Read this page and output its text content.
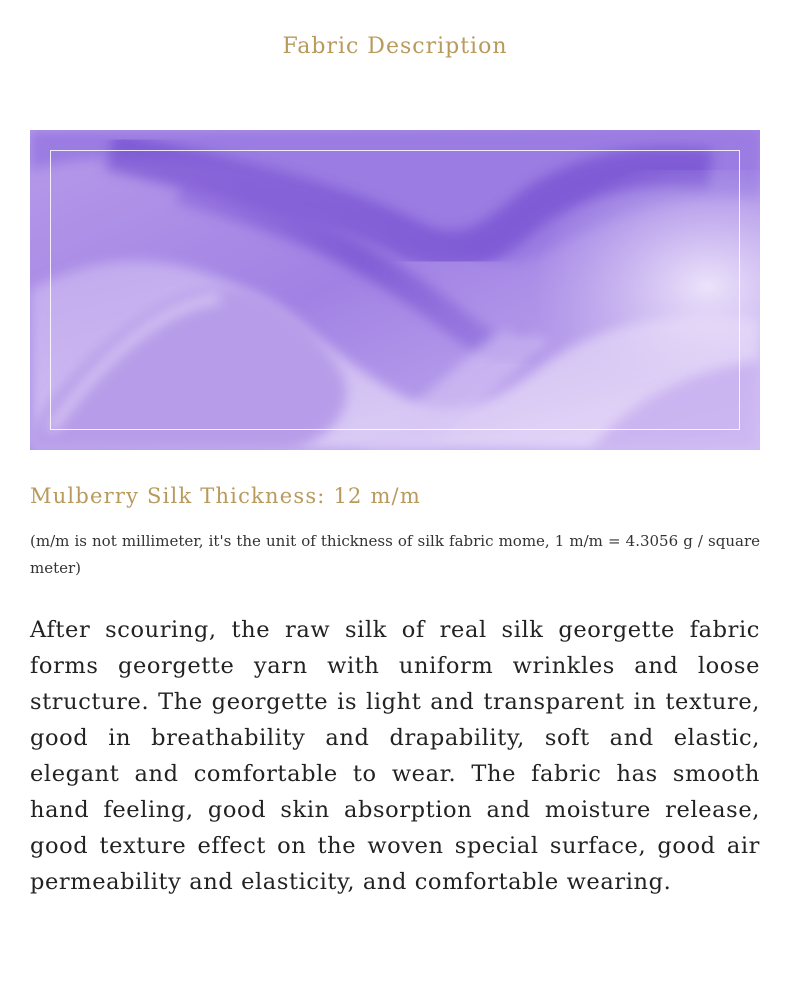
Fabric Description
Mulberry Silk Thickness: 12 m/m

(m/m is not millimeter, it's the unit of thickness of silk fabric mome, 1 m/m = 4.3056 g / square meter)

After scouring, the raw silk of real silk georgette fabric forms georgette yarn with uniform wrinkles and loose structure. The georgette is light and transparent in texture, good in breathability and drapability, soft and elastic, elegant and comfortable to wear. The fabric has smooth hand feeling, good skin absorption and moisture release, good texture effect on the woven special surface, good air permeability and elasticity, and comfortable wearing.
